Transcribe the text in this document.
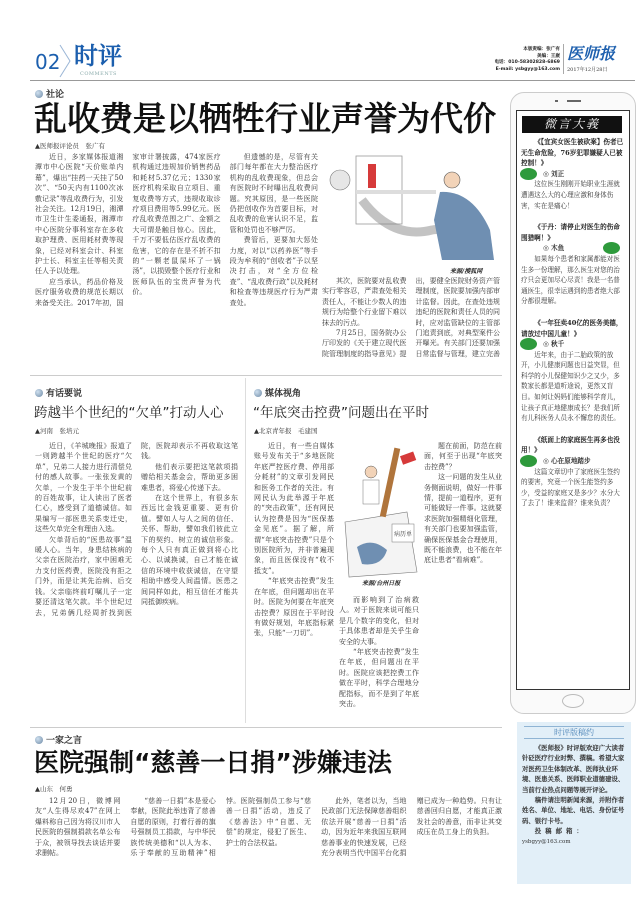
02 时评
COMMENTS
本版责编：张广有
美编：王崴
电话：010-58302828-6869
E-mail: ysbgyy@163.com
医师报
2017年12月28日
社论
乱收费是以牺牲行业声誉为代价
▲医师报评论员　张广有

近日，多家媒体报道湘潭市中心医院“天价账单内幕”，爆出“挂药一天挂了50次”、“50天内有1100次冰敷记录”等乱收费行为，引发社会关注。12月19日，湘潭市卫生计生委通报，湘潭市中心医院分事科室存在多收取护理费、医用耗材费等现象，已经对科室会计、科室护士长、科室主任等相关责任人予以处理。

应当承认，药品价格及医疗服务收费的规范长期以来备受关注。2017年初，国家审计署披露，474家医疗机构通过违规加价销售药品和耗材5.37亿元；1330家医疗机构采取自立项目、重复收费等方式，违规收取诊疗项目费用等5.99亿元。医疗乱收费范围之广、金额之大可谓是触目惊心。因此，千万不要低估医疗乱收费的危害，它的存在是不折不扣的“一颗老鼠屎坏了一锅汤”，以损毁整个医疗行业和医师队伍的宝贵声誉为代价。

但遗憾的是，尽管有关部门每年都在大力整治医疗机构的乱收费现象，但总会有医院时不时曝出乱收费问题。究其原因，是一些医院仍把创收作为首要目标，对乱收费的危害认识不足，监管和处罚也不够严厉。

费管后，更要加大惩处力度，对以“以药养医”等手段为牟利的“创收者”予以坚决打击，对“全方位检查”、“乱收费行政”以及耗材和检查等违规医疗行为严肃查处。

来源/搜狐网

其次，医院要对乱收费实行零容忍，严肃查处相关责任人，不能让少数人的违规行为给整个行业留下难以抹去的污点。

7月25日，国务院办公厅印发的《关于建立现代医院管理制度的指导意见》提出，要健全医院财务资产管理制度，医院要加强内部审计监督。因此，在查处违规违纪的医院和责任人员的同时，应对监管缺位的主管部门追责到底，对典型案件公开曝光。有关部门还要加强日常监督与管理，建立完善

有话要说
跨越半个世纪的“欠单”打动人心
▲河南　张培元

近日，《羊城晚报》报道了一则跨越半个世纪的医疗“欠单”，兄弟二人接力进行清偿兑付的感人故事。一张张发黄的欠单，一个发生于半个世纪前的百姓故事，让人读出了医者仁心，感受到了道德诚信。如果编写一部医患关系变迁史，这些欠单完全有理由入选。

欠单背后的“医患故事”温暖人心。当年，身患结核病的父亲在医院治疗，家中困难无力支付医药费，医院没有拒之门外，而是让其先治病、后交钱。父亲临终前叮嘱儿子一定要还清这笔欠款。半个世纪过去，兄弟俩几经周折找到医院，医院却表示不再收取这笔钱。

他们表示要把这笔款项捐赠给相关基金会，帮助更多困难患者，将爱心传递下去。

在这个世界上，有很多东西远比金钱更重要、更有价值。譬如人与人之间的信任、关怀、帮助，譬如我们彼此立下的契约、树立的诚信形象。每个人只有真正做到将心比心、以诚换诚，自己才能在诚信的环境中收获诚信，在守望相助中感受人间温情。医患之间同样如此，相互信任才能共同抵御疾病。

媒体视角
“年底突击控费”问题出在平时
▲北京青年报　毛建国

近日，有一些自媒体账号发布关于“多地医院年底严控医疗费、停用部分耗材”的文章引发网民和医务工作者的关注。有网民认为此举源于年底的“突击政策”，还有网民认为控费是因为“医保基金见底”。据了解，所谓“年底突击控费”只是个别医院所为，并非普遍现象，而且医保没有“收不抵支”。

“年底突击控费”发生在年底，但问题却出在平时。医院为何要在年底突击控费？原因在于平时没有做好规划，年底指标紧张，只能“一刀切”。

病历单
来源/台州日报

而影响到了治病救人。对于医院来说可能只是几个数字的变化，但对于具体患者却是关乎生命安全的大事。

“年底突击控费”发生在年底，但问题出在平时。医院应该把控费工作做在平时，科学合理地分配指标，而不是到了年底突击。

题在前面，防范在前面，何至于出现“年底突击控费”？

这一问题的发生从业务侧面说明，做好一件事情，提前一道程序，更有可能做好一件事。这就要求医院加强精细化管理，有关部门也要加强监管，确保医保基金合理使用，既不能浪费，也不能在年底让患者“看病难”。

一家之言
医院强制“慈善一日捐”涉嫌违法
▲山东　何勇

12月20日，微博网友“人生得尽欢47”在网上爆料称自己因为将汉川市人民医院的强制捐款名单公布于众，被领导找去谈话并要求删帖。

“慈善一日捐”本是爱心奉献，医院此举违背了慈善自愿的原则，打着行善的旗号强制员工捐款，与中华民族传统美德和“以人为本、乐于奉献的互助精神”相悖。医院强制员工参与“慈善一日捐”活动，违反了《慈善法》中“自愿、无偿”的规定，侵犯了医生、护士的合法权益。

此外，笔者以为，当地民政部门无法保障慈善组织依法开展“慈善一日捐”活动，因为近年来我国互联网慈善事业的快速发展，已经充分表明当代中国平台化捐赠已成为一种趋势。只有让慈善回归自愿，才能真正激发社会的善意，而非让其变成压在员工身上的负担。

微言大義
《【宜宾女医生被砍案】伤者已无生命危险，76岁犯罪嫌疑人已被控制！》
◎ 刘正
这位医生刚刚开始职业生涯就遭遇这么大的心理应激和身体伤害，实在是痛心！
《于丹：请停止对医生的伤命围猎啊！》
◎ 木鱼
如果每个患者和家属都能对医生多一份理解，那么医生对您的治疗只会更加尽心尽责！我是一名普通医生，很幸运遇到的患者绝大部分都很理解。
《一年狂卖40亿的医务美德，请放过中国儿童！》
◎ 秋千
近年来，由于二胎政策的放开，小儿健康问题也日益突显，但科学的小儿保健知识少之又少，多数家长都是道听途说，更然又盲目。如何让妈妈们能够科学育儿，让孩子真正地健康成长？是我们所有儿科医务人员永不懈怠的责任。
《纸面上的家庭医生再多也没用！》
◎ 心在原地踏步
这篇文章切中了家庭医生签约的要害，究竟一个医生能签约多少，受益的家庭又是多少？水分大了去了！谁来监督？谁来负责？
时评版稿约
《医师报》时评版欢迎广大读者针砭医疗行业时弊、撰稿。希望大家对医药卫生体制改革、医师执业环境、医患关系、医师职业道德建设、当前行业热点问题等展开评论。
稿件请注明新闻来源，并附作者姓名、单位、地址、电话、身份证号码、银行卡号。
投稿邮箱：
ysbgyy@163.com
